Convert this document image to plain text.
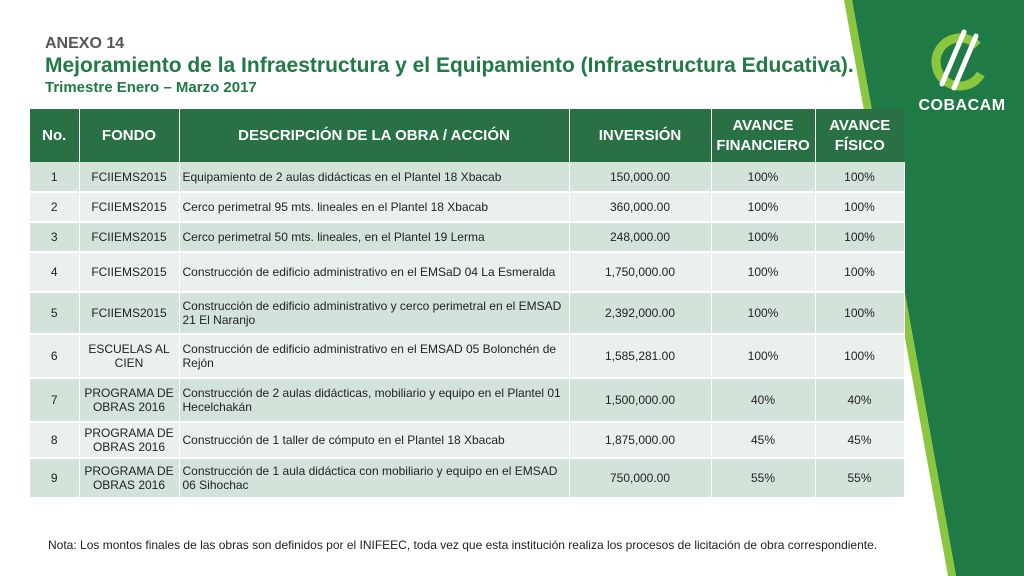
ANEXO 14
Mejoramiento de la Infraestructura y el Equipamiento (Infraestructura Educativa).
Trimestre Enero – Marzo 2017
COBACAM
No.	FONDO	DESCRIPCIÓN DE LA OBRA / ACCIÓN	INVERSIÓN	AVANCE FINANCIERO	AVANCE FÍSICO
1	FCIIEMS2015	Equipamiento de 2 aulas didácticas en el Plantel 18 Xbacab	150,000.00	100%	100%
2	FCIIEMS2015	Cerco perimetral 95 mts. lineales en el Plantel 18 Xbacab	360,000.00	100%	100%
3	FCIIEMS2015	Cerco perimetral 50 mts. lineales, en el Plantel 19 Lerma	248,000.00	100%	100%
4	FCIIEMS2015	Construcción de edificio administrativo en el EMSaD 04 La Esmeralda	1,750,000.00	100%	100%
5	FCIIEMS2015	Construcción de edificio administrativo y cerco perimetral en el EMSAD 21 El Naranjo	2,392,000.00	100%	100%
6	ESCUELAS AL CIEN	Construcción de edificio administrativo en el EMSAD 05 Bolonchén de Rejón	1,585,281.00	100%	100%
7	PROGRAMA DE OBRAS 2016	Construcción de 2 aulas didácticas, mobiliario y equipo en el Plantel 01 Hecelchakán	1,500,000.00	40%	40%
8	PROGRAMA DE OBRAS 2016	Construcción de 1 taller de cómputo en el Plantel 18 Xbacab	1,875,000.00	45%	45%
9	PROGRAMA DE OBRAS 2016	Construcción de 1 aula didáctica con mobiliario y equipo en el EMSAD 06 Sihochac	750,000.00	55%	55%
Nota: Los montos finales de las obras son definidos por el INIFEEC, toda vez que esta institución realiza los procesos de licitación de obra correspondiente.
